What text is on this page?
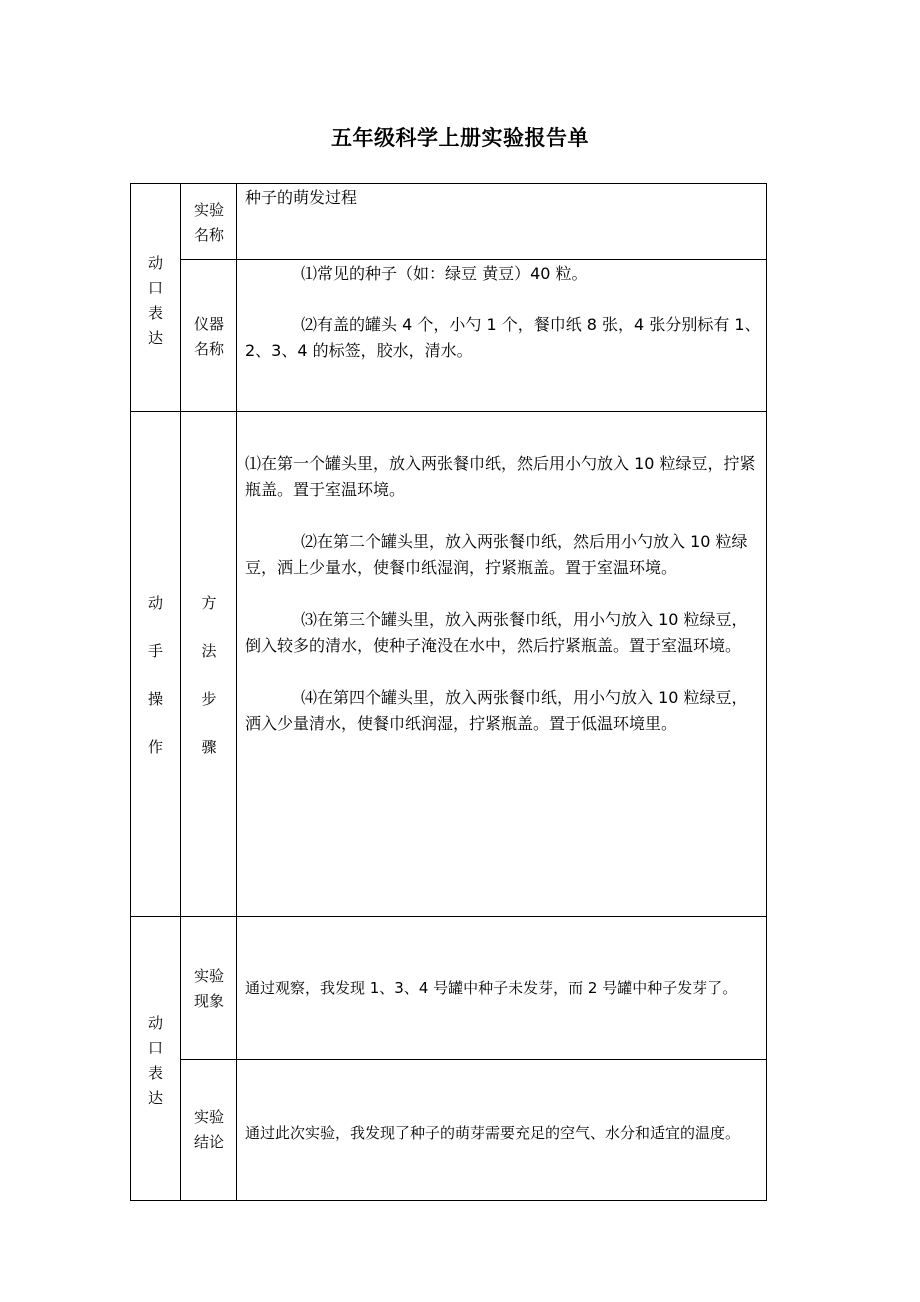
五年级科学上册实验报告单
动
口
表
达
实验
名称
种子的萌发过程
仪器
名称
⑴常见的种子（如：绿豆 黄豆）40 粒。
⑵有盖的罐头 4 个，小勺 1 个，餐巾纸 8 张，4 张分别标有 1、2、3、4 的标签，胶水，清水。
动
手
操
作
方
法
步
骤
⑴在第一个罐头里，放入两张餐巾纸，然后用小勺放入 10 粒绿豆，拧紧瓶盖。置于室温环境。
⑵在第二个罐头里，放入两张餐巾纸，然后用小勺放入 10 粒绿豆，洒上少量水，使餐巾纸湿润，拧紧瓶盖。置于室温环境。
⑶在第三个罐头里，放入两张餐巾纸，用小勺放入 10 粒绿豆，倒入较多的清水，使种子淹没在水中，然后拧紧瓶盖。置于室温环境。
⑷在第四个罐头里，放入两张餐巾纸，用小勺放入 10 粒绿豆，洒入少量清水，使餐巾纸润湿，拧紧瓶盖。置于低温环境里。
动
口
表
达
实验
现象
通过观察，我发现 1、3、4 号罐中种子未发芽，而 2 号罐中种子发芽了。
实验
结论	通过此次实验，我发现了种子的萌芽需要充足的空气、水分和适宜的温度。
